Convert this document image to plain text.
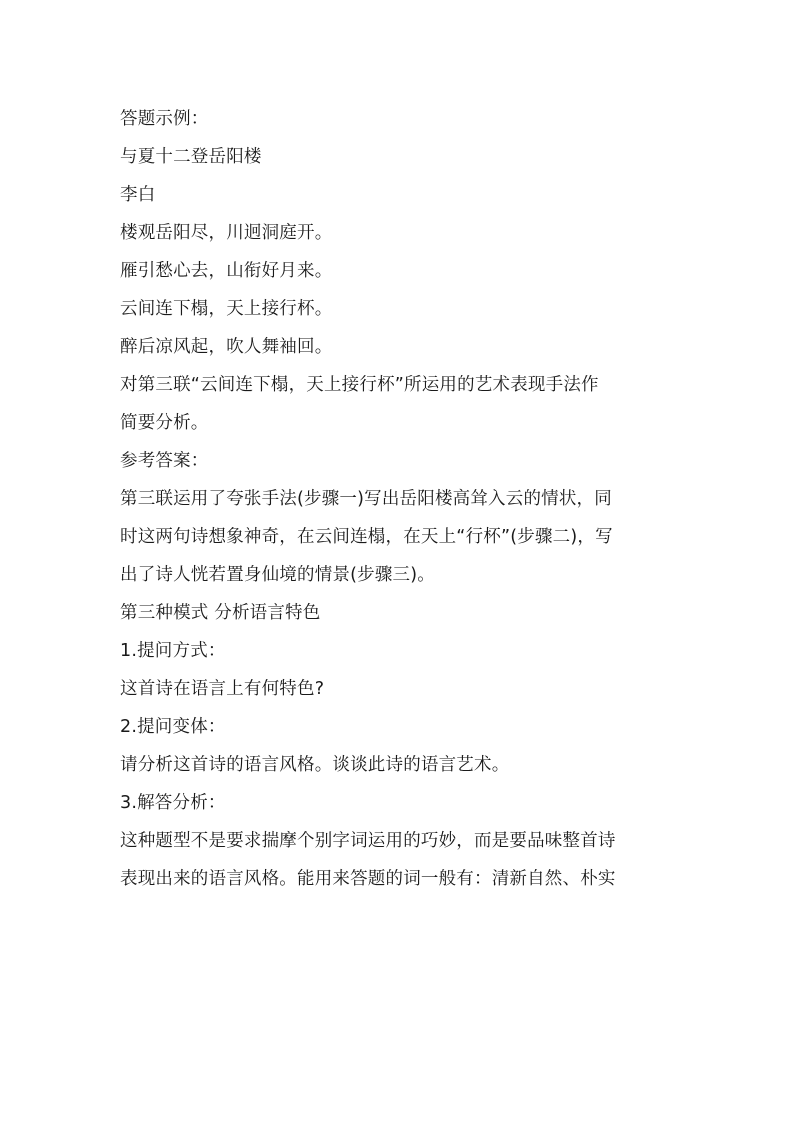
答题示例：
与夏十二登岳阳楼
李白
楼观岳阳尽，川迥洞庭开。
雁引愁心去，山衔好月来。
云间连下榻，天上接行杯。
醉后凉风起，吹人舞袖回。
对第三联“云间连下榻，天上接行杯”所运用的艺术表现手法作
简要分析。
参考答案：
第三联运用了夸张手法(步骤一)写出岳阳楼高耸入云的情状，同
时这两句诗想象神奇，在云间连榻，在天上“行杯”(步骤二)，写
出了诗人恍若置身仙境的情景(步骤三)。
第三种模式 分析语言特色
1.提问方式：
这首诗在语言上有何特色?
2.提问变体：
请分析这首诗的语言风格。谈谈此诗的语言艺术。
3.解答分析：
这种题型不是要求揣摩个别字词运用的巧妙，而是要品味整首诗
表现出来的语言风格。能用来答题的词一般有：清新自然、朴实
